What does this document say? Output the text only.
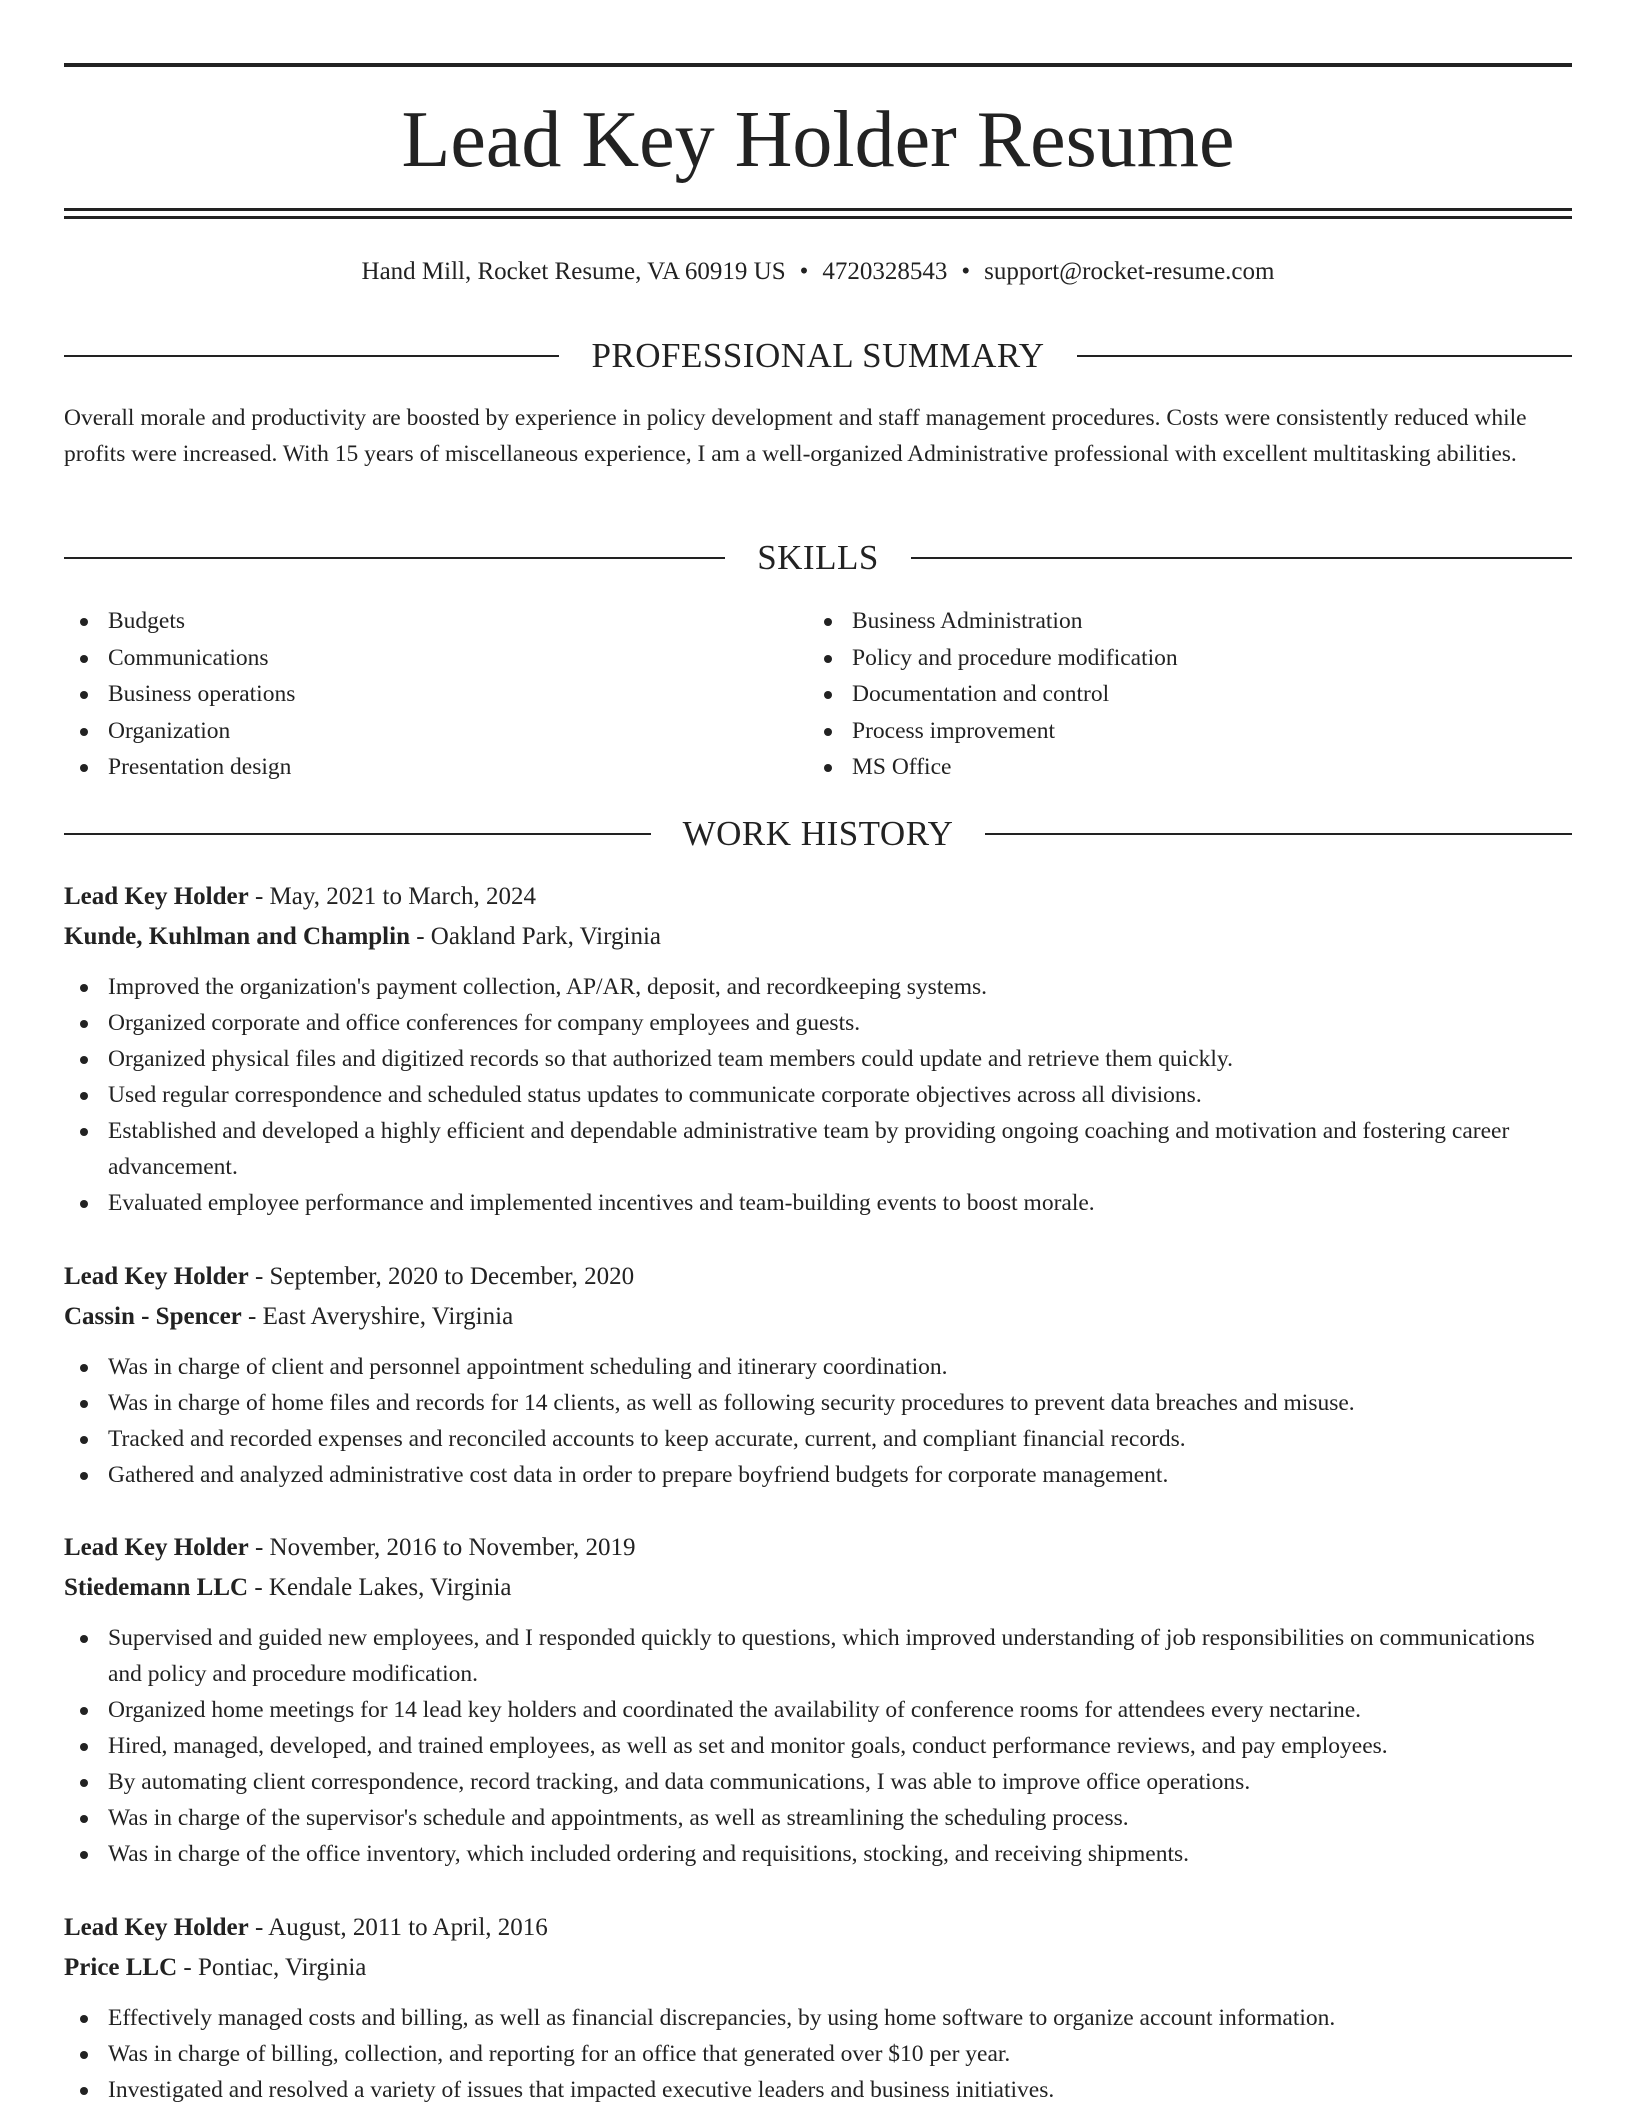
Lead Key Holder Resume
Hand Mill, Rocket Resume, VA 60919 US • 4720328543 • support@rocket-resume.com
PROFESSIONAL SUMMARY
Overall morale and productivity are boosted by experience in policy development and staff management procedures. Costs were consistently reduced while profits were increased. With 15 years of miscellaneous experience, I am a well-organized Administrative professional with excellent multitasking abilities.
SKILLS
Budgets
Communications
Business operations
Organization
Presentation design
Business Administration
Policy and procedure modification
Documentation and control
Process improvement
MS Office
WORK HISTORY
Lead Key Holder - May, 2021 to March, 2024
Kunde, Kuhlman and Champlin - Oakland Park, Virginia
Improved the organization's payment collection, AP/AR, deposit, and recordkeeping systems.
Organized corporate and office conferences for company employees and guests.
Organized physical files and digitized records so that authorized team members could update and retrieve them quickly.
Used regular correspondence and scheduled status updates to communicate corporate objectives across all divisions.
Established and developed a highly efficient and dependable administrative team by providing ongoing coaching and motivation and fostering career advancement.
Evaluated employee performance and implemented incentives and team-building events to boost morale.
Lead Key Holder - September, 2020 to December, 2020
Cassin - Spencer - East Averyshire, Virginia
Was in charge of client and personnel appointment scheduling and itinerary coordination.
Was in charge of home files and records for 14 clients, as well as following security procedures to prevent data breaches and misuse.
Tracked and recorded expenses and reconciled accounts to keep accurate, current, and compliant financial records.
Gathered and analyzed administrative cost data in order to prepare boyfriend budgets for corporate management.
Lead Key Holder - November, 2016 to November, 2019
Stiedemann LLC - Kendale Lakes, Virginia
Supervised and guided new employees, and I responded quickly to questions, which improved understanding of job responsibilities on communications and policy and procedure modification.
Organized home meetings for 14 lead key holders and coordinated the availability of conference rooms for attendees every nectarine.
Hired, managed, developed, and trained employees, as well as set and monitor goals, conduct performance reviews, and pay employees.
By automating client correspondence, record tracking, and data communications, I was able to improve office operations.
Was in charge of the supervisor's schedule and appointments, as well as streamlining the scheduling process.
Was in charge of the office inventory, which included ordering and requisitions, stocking, and receiving shipments.
Lead Key Holder - August, 2011 to April, 2016
Price LLC - Pontiac, Virginia
Effectively managed costs and billing, as well as financial discrepancies, by using home software to organize account information.
Was in charge of billing, collection, and reporting for an office that generated over $10 per year.
Investigated and resolved a variety of issues that impacted executive leaders and business initiatives.
